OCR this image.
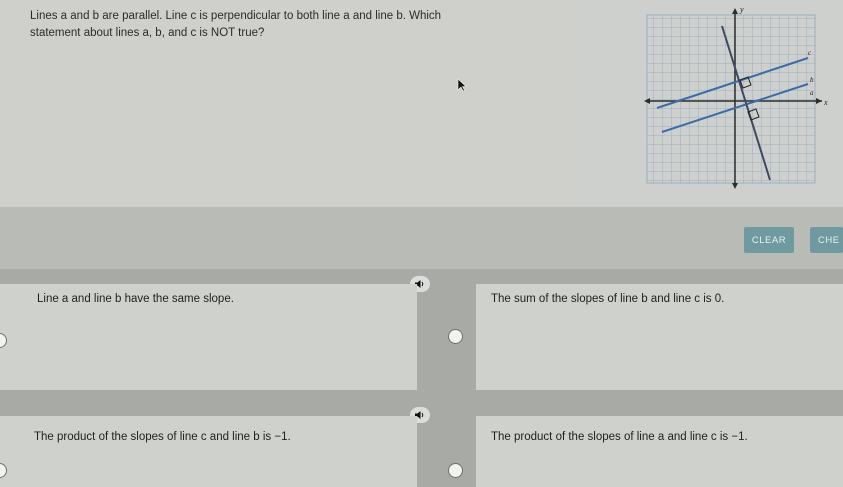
Lines a and b are parallel. Line c is perpendicular to both line a and line b. Which
statement about lines a, b, and c is NOT true?
x
y
c
b
a
CLEAR	CHE
Line a and line b have the same slope.	The sum of the slopes of line b and line c is 0.
The product of the slopes of line c and line b is −1.	The product of the slopes of line a and line c is −1.
